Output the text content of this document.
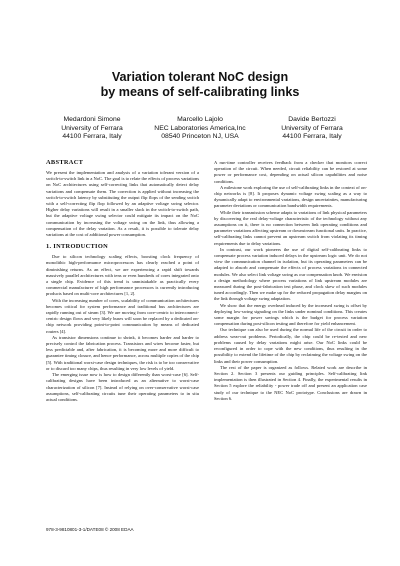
Variation tolerant NoC design
by means of self-calibrating links
Medardoni Simone
University of Ferrara
44100 Ferrara, Italy
Marcello Lajolo
NEC Laboratories America,Inc
08540 Princeton NJ, USA
Davide Bertozzi
University of Ferrara
44100 Ferrara, Italy
ABSTRACT

We present the implementation and analysis of a variation tolerant version of a switch-to-switch link in a NoC. The goal is to relate the effects of process variations on NoC architectures using self-correcting links that automatically detect delay variations and compensate them. The correction is applied without increasing the switch-to-switch latency by substituting the output flip flops of the sending switch with a self-correcting flip flop followed by an adaptive voltage swing selector. Higher delay variations will result in a smaller slack in the switch-to-switch path, but the adaptive voltage swing selector could mitigate its impact on the NoC communication by increasing the voltage swing on the link, thus allowing a compensation of the delay variation. As a result, it is possible to tolerate delay variations at the cost of additional power consumption.

1. INTRODUCTION

Due to silicon technology scaling effects, boosting clock frequency of monolithic high-performance microprocessors has clearly reached a point of diminishing returns. As an effect, we are experiencing a rapid shift towards massively parallel architectures with tens or even hundreds of cores integrated onto a single chip. Evidence of this trend is unmistakable as practically every commercial manufacturer of high performance processors is currently introducing products based on multi-core architectures [1, 2].

With the increasing number of cores, scalability of communication architectures becomes critical for system performance and traditional bus architectures are rapidly running out of steam [3]. We are moving from core-centric to interconnect-centric design flows and very likely buses will soon be replaced by a dedicated on-chip network providing point-to-point communication by means of dedicated routers [4].

As transistor dimensions continue to shrink, it becomes harder and harder to precisely control the fabrication process. Transistors and wires become faster, but less predictable and, after fabrication, it is becoming more and more difficult to guarantee timing closure, and hence performance, across multiple copies of the chip [5]. With traditional worst-case design techniques, the risk is to be too conservative or to discard too many chips, thus resulting in very low levels of yield.

The emerging issue now is how to design differently than worst-case [6]. Self-calibrating designs have been introduced as an alternative to worst-case characterization of silicon [7]. Instead of relying on over-conservative worst-case assumptions, self-calibrating circuits tune their operating parameters to in situ actual conditions.

A run-time controller receives feedback from a checker that monitors correct operation of the circuit. When needed, circuit reliability can be restored at some power or performance cost, depending on actual silicon capabilities and noise conditions.

A milestone work exploring the use of self-calibrating links in the context of on-chip networks is [8]. It proposes dynamic voltage swing scaling as a way to dynamically adapt to environmental variations, design uncertainties, manufacturing parameter deviations or communication bandwidth requirements.

While their transmission scheme adapts to variations of link physical parameters by discovering the real delay-voltage characteristic of the technology without any assumptions on it, there is no connection between link operating conditions and parameter variations affecting upstream or downstream functional units. In practice, self-calibrating links cannot prevent an upstream switch from violating its timing requirements due to delay variations.

In contrast, our work pioneers the use of digital self-calibrating links to compensate process variation induced delays in the upstream logic unit. We do not view the communication channel in isolation, but its operating parameters can be adapted to absorb and compensate the effects of process variations in connected modules. We also select link voltage swing as our compensation knob. We envision a design methodology where process variations of link upstream modules are measured during the post-fabrication test phase, and clock skew of such modules tuned accordingly. Then we make up for the reduced propagation delay margins on the link through voltage swing adaptation.

We show that the energy overhead induced by the increased swing is offset by deploying low-swing signaling on the links under nominal conditions. This creates some margin for power savings which is the budget for process variation compensation during post-silicon testing and therefore for yield enhancement.

Our technique can also be used during the normal life of the circuit in order to address wear-out problems. Periodically, the chip could be re-tested and new problems caused by delay variations might arise. Our NoC links could be reconfigured in order to cope with the new conditions, thus resulting in the possibility to extend the lifetime of the chip by reclaiming the voltage swing on the links and their power consumption.

The rest of the paper is organized as follows. Related work are describe in Section 2. Section 3 presents our guiding principles. Self-calibrating link implementation is then illustrated in Section 4. Finally, the experimental results in Section 5 explore the reliability - power trade off and present an application case study of our technique to the NEC NoC prototype. Conclusions are drawn in Section 6.

978-3-9810801-3-1/DATE08 © 2008 EDAA
